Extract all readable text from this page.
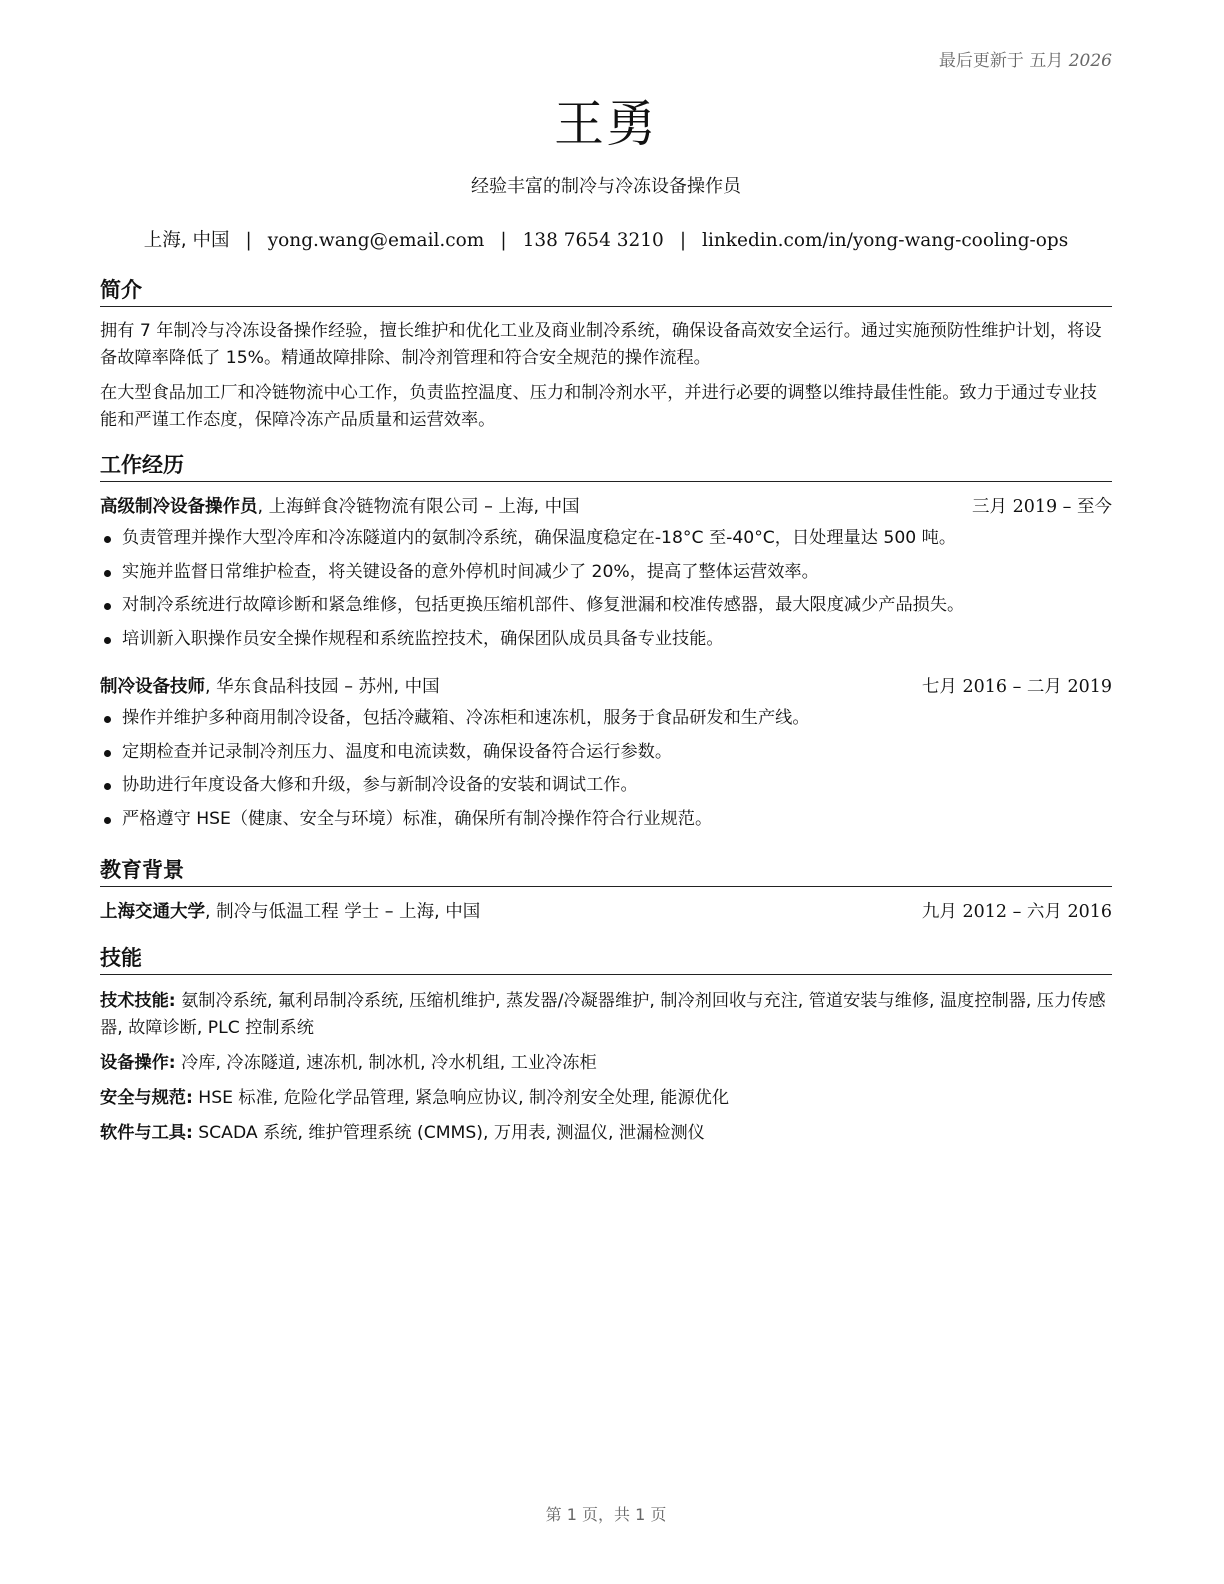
最后更新于 五月 2026
王勇
经验丰富的制冷与冷冻设备操作员
上海, 中国 | yong.wang@email.com | 138 7654 3210 | linkedin.com/in/yong-wang-cooling-ops
简介

拥有 7 年制冷与冷冻设备操作经验，擅长维护和优化工业及商业制冷系统，确保设备高效安全运行。通过实施预防性维护计划，将设备故障率降低了 15%。精通故障排除、制冷剂管理和符合安全规范的操作流程。

在大型食品加工厂和冷链物流中心工作，负责监控温度、压力和制冷剂水平，并进行必要的调整以维持最佳性能。致力于通过专业技能和严谨工作态度，保障冷冻产品质量和运营效率。

工作经历
高级制冷设备操作员, 上海鲜食冷链物流有限公司 – 上海, 中国	三月 2019 – 至今
负责管理并操作大型冷库和冷冻隧道内的氨制冷系统，确保温度稳定在-18°C 至-40°C，日处理量达 500 吨。
实施并监督日常维护检查，将关键设备的意外停机时间减少了 20%，提高了整体运营效率。
对制冷系统进行故障诊断和紧急维修，包括更换压缩机部件、修复泄漏和校准传感器，最大限度减少产品损失。
培训新入职操作员安全操作规程和系统监控技术，确保团队成员具备专业技能。
制冷设备技师, 华东食品科技园 – 苏州, 中国	七月 2016 – 二月 2019
操作并维护多种商用制冷设备，包括冷藏箱、冷冻柜和速冻机，服务于食品研发和生产线。
定期检查并记录制冷剂压力、温度和电流读数，确保设备符合运行参数。
协助进行年度设备大修和升级，参与新制冷设备的安装和调试工作。
严格遵守 HSE（健康、安全与环境）标准，确保所有制冷操作符合行业规范。
教育背景
上海交通大学, 制冷与低温工程 学士 – 上海, 中国	九月 2012 – 六月 2016
技能
技术技能: 氨制冷系统, 氟利昂制冷系统, 压缩机维护, 蒸发器/冷凝器维护, 制冷剂回收与充注, 管道安装与维修, 温度控制器, 压力传感器, 故障诊断, PLC 控制系统
设备操作: 冷库, 冷冻隧道, 速冻机, 制冰机, 冷水机组, 工业冷冻柜
安全与规范: HSE 标准, 危险化学品管理, 紧急响应协议, 制冷剂安全处理, 能源优化
软件与工具: SCADA 系统, 维护管理系统 (CMMS), 万用表, 测温仪, 泄漏检测仪
第 1 页，共 1 页
